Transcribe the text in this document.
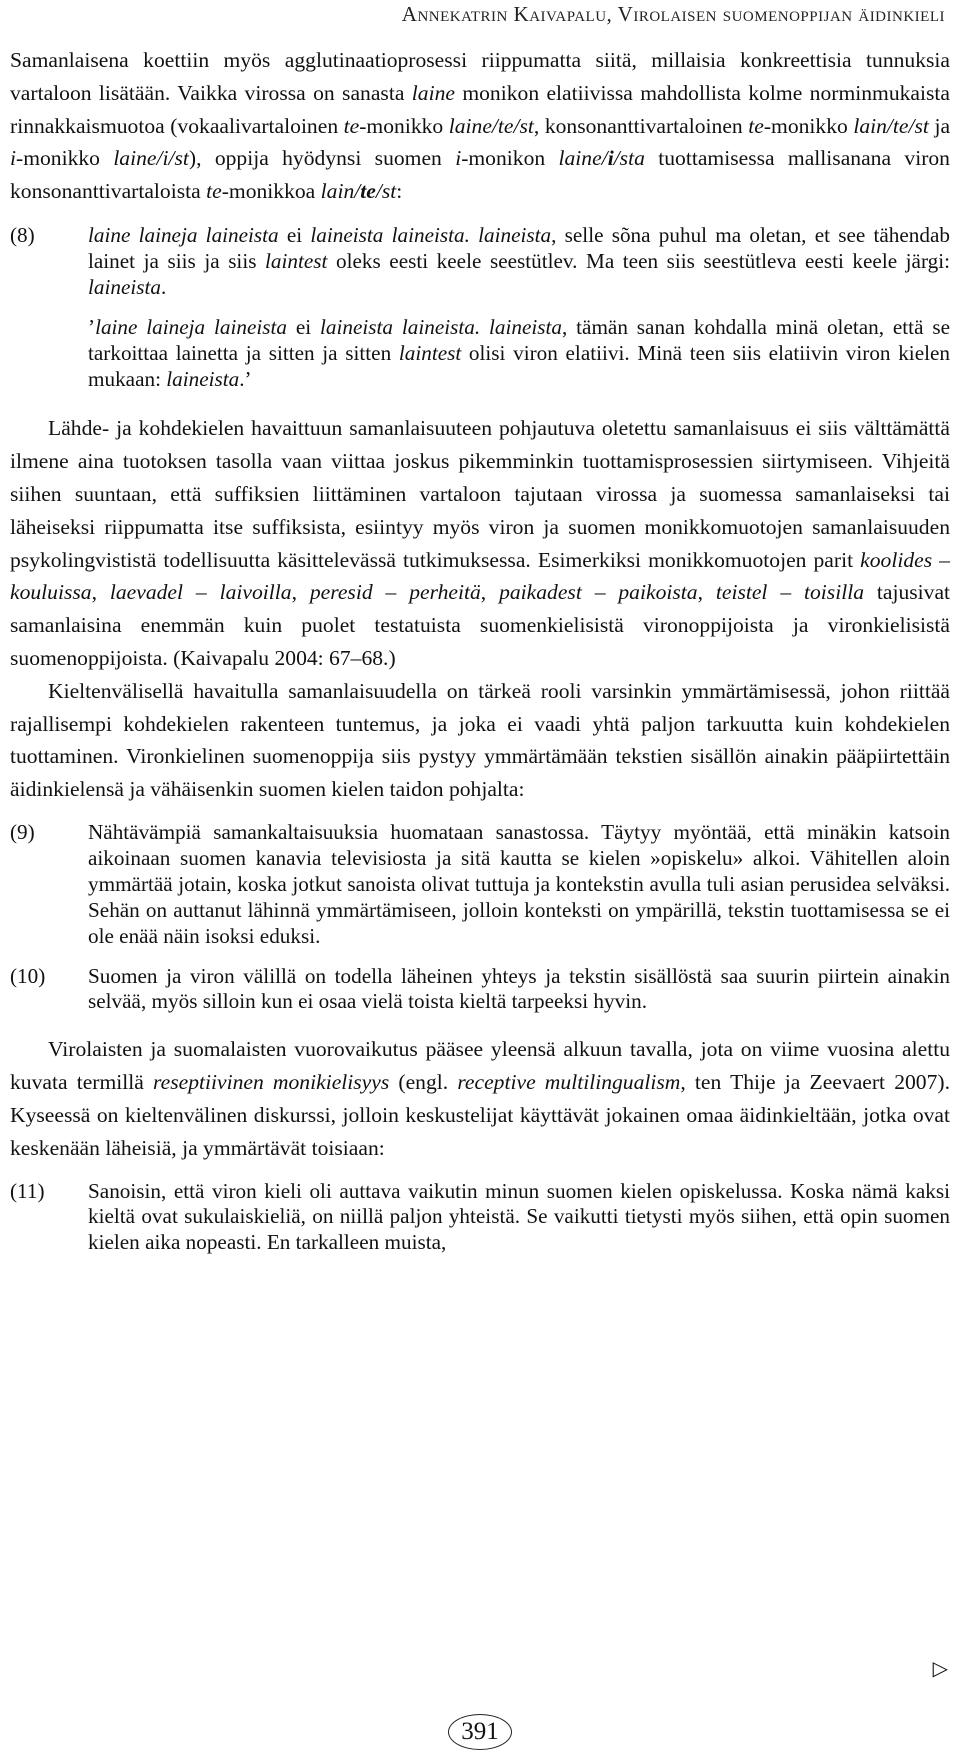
Annekatrin Kaivapalu, Virolaisen suomenoppijan äidinkieli

Samanlaisena koettiin myös agglutinaatioprosessi riippumatta siitä, millaisia konkreettisia tunnuksia vartaloon lisätään. Vaikka virossa on sanasta laine monikon elatiivissa mahdollista kolme norminmukaista rinnakkaismuotoa (vokaalivartaloinen te-monikko laine/te/st, konsonanttivartaloinen te-monikko lain/te/st ja i-monikko laine/i/st), oppija hyödynsi suomen i-monikon laine/i/sta tuottamisessa mallisanana viron konsonanttivartaloista te-monikkoa lain/te/st:

(8)	laine laineja laineista ei laineista laineista. laineista, selle sõna puhul ma oletan, et see tähendab lainet ja siis ja siis laintest oleks eesti keele seestütlev. Ma teen siis seestütleva eesti keele järgi: laineista.

’laine laineja laineista ei laineista laineista. laineista, tämän sanan kohdalla minä oletan, että se tarkoittaa lainetta ja sitten ja sitten laintest olisi viron elatiivi. Minä teen siis elatiivin viron kielen mukaan: laineista.’

Lähde- ja kohdekielen havaittuun samanlaisuuteen pohjautuva oletettu samanlaisuus ei siis välttämättä ilmene aina tuotoksen tasolla vaan viittaa joskus pikemminkin tuottamisprosessien siirtymiseen. Vihjeitä siihen suuntaan, että suffiksien liittäminen vartaloon tajutaan virossa ja suomessa samanlaiseksi tai läheiseksi riippumatta itse suffiksista, esiintyy myös viron ja suomen monikkomuotojen samanlaisuuden psykolingvististä todellisuutta käsittelevässä tutkimuksessa. Esimerkiksi monikkomuotojen parit koolides – kouluissa, laevadel – laivoilla, peresid – perheitä, paikadest – paikoista, teistel – toisilla tajusivat samanlaisina enemmän kuin puolet testatuista suomenkielisistä vironoppijoista ja vironkielisistä suomenoppijoista. (Kaivapalu 2004: 67–68.)

Kieltenvälisellä havaitulla samanlaisuudella on tärkeä rooli varsinkin ymmärtämisessä, johon riittää rajallisempi kohdekielen rakenteen tuntemus, ja joka ei vaadi yhtä paljon tarkuutta kuin kohdekielen tuottaminen. Vironkielinen suomenoppija siis pystyy ymmärtämään tekstien sisällön ainakin pääpiirtettäin äidinkielensä ja vähäisenkin suomen kielen taidon pohjalta:

(9)	Nähtävämpiä samankaltaisuuksia huomataan sanastossa. Täytyy myöntää, että minäkin katsoin aikoinaan suomen kanavia televisiosta ja sitä kautta se kielen »opiskelu» alkoi. Vähitellen aloin ymmärtää jotain, koska jotkut sanoista olivat tuttuja ja kontekstin avulla tuli asian perusidea selväksi. Sehän on auttanut lähinnä ymmärtämiseen, jolloin konteksti on ympärillä, tekstin tuottamisessa se ei ole enää näin isoksi eduksi.
(10)	Suomen ja viron välillä on todella läheinen yhteys ja tekstin sisällöstä saa suurin piirtein ainakin selvää, myös silloin kun ei osaa vielä toista kieltä tarpeeksi hyvin.

Virolaisten ja suomalaisten vuorovaikutus pääsee yleensä alkuun tavalla, jota on viime vuosina alettu kuvata termillä reseptiivinen monikielisyys (engl. receptive multilingualism, ten Thije ja Zeevaert 2007). Kyseessä on kieltenvälinen diskurssi, jolloin keskustelijat käyttävät jokainen omaa äidinkieltään, jotka ovat keskenään läheisiä, ja ymmärtävät toisiaan:

(11)	Sanoisin, että viron kieli oli auttava vaikutin minun suomen kielen opiskelussa. Koska nämä kaksi kieltä ovat sukulaiskieliä, on niillä paljon yhteistä. Se vaikutti tietysti myös siihen, että opin suomen kielen aika nopeasti. En tarkalleen muista,
▷
391
